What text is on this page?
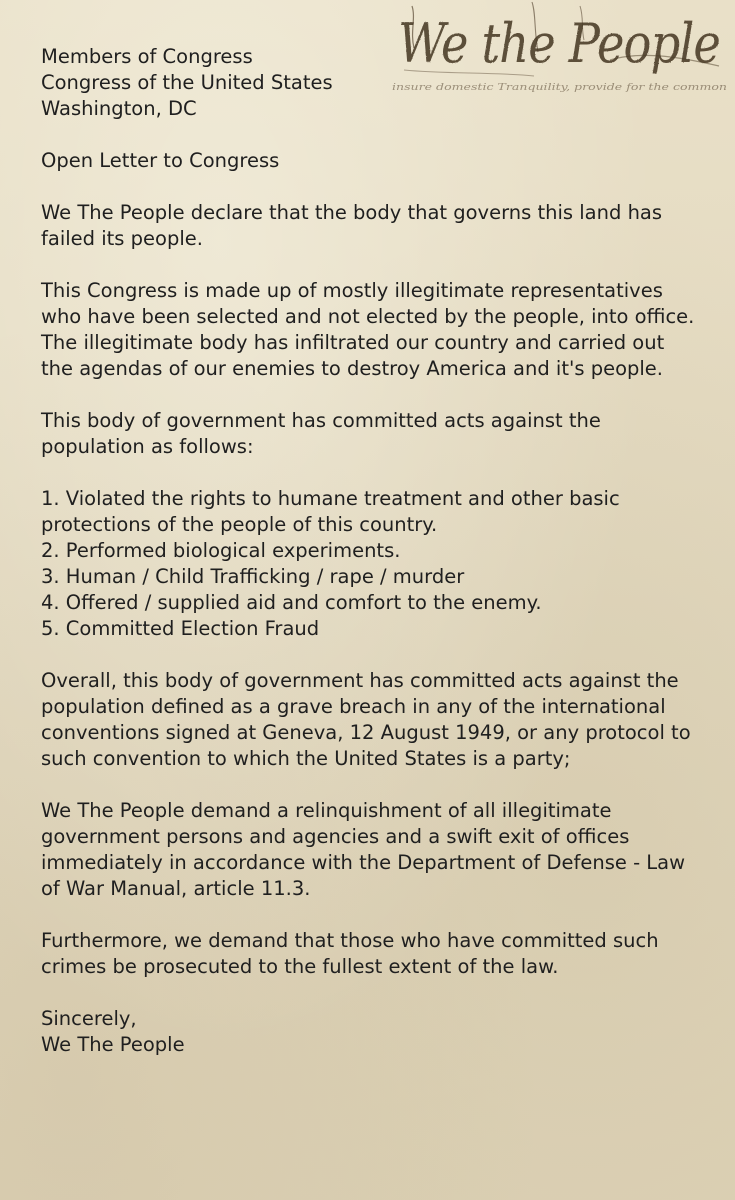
We the People
insure domestic Tranquility, provide for the common
Members of Congress
Congress of the United States
Washington, DC
Open Letter to Congress
We The People declare that the body that governs this land has
failed its people.
This Congress is made up of mostly illegitimate representatives
who have been selected and not elected by the people, into office.
The illegitimate body has infiltrated our country and carried out
the agendas of our enemies to destroy America and it's people.
This body of government has committed acts against the
population as follows:
1. Violated the rights to humane treatment and other basic
protections of the people of this country.
2. Performed biological experiments.
3. Human / Child Trafficking / rape / murder
4. Offered / supplied aid and comfort to the enemy.
5. Committed Election Fraud
Overall, this body of government has committed acts against the
population defined as a grave breach in any of the international
conventions signed at Geneva, 12 August 1949, or any protocol to
such convention to which the United States is a party;
We The People demand a relinquishment of all illegitimate
government persons and agencies and a swift exit of offices
immediately in accordance with the Department of Defense - Law
of War Manual, article 11.3.
Furthermore, we demand that those who have committed such
crimes be prosecuted to the fullest extent of the law.
Sincerely,
We The People
